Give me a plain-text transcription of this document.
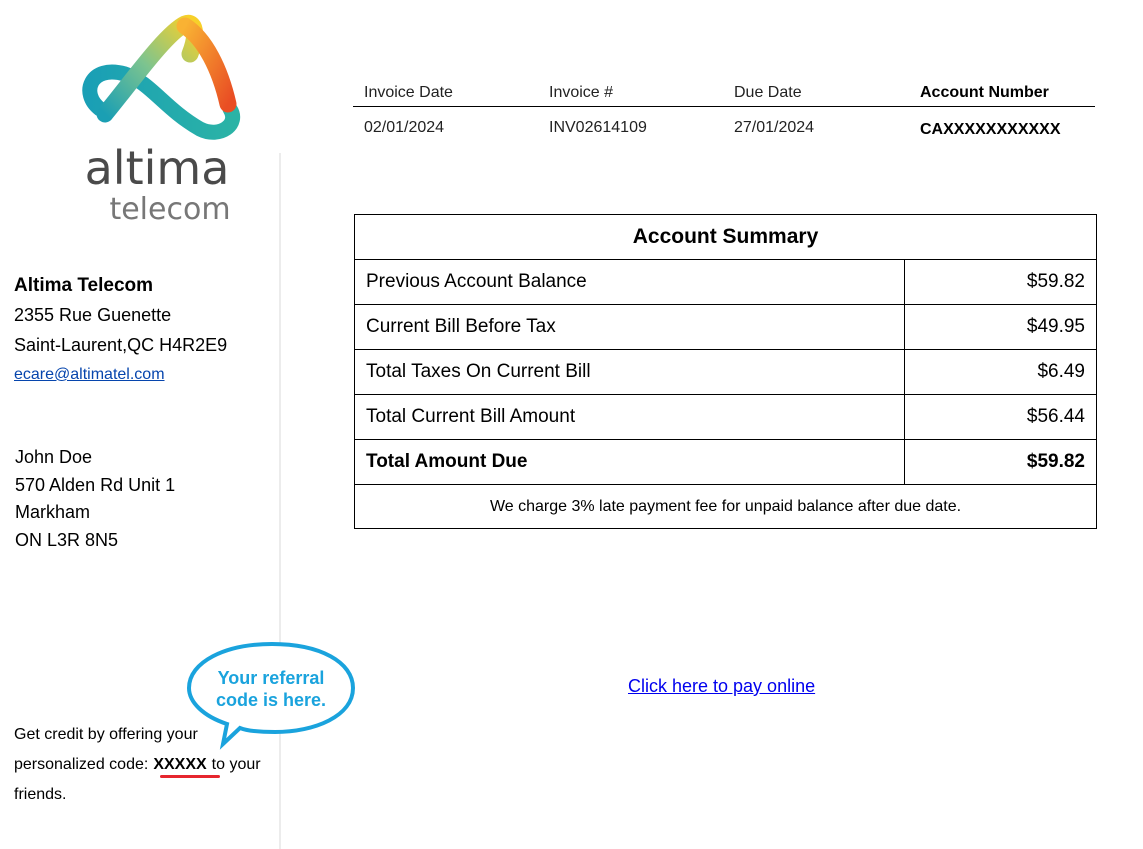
altima
telecom
Altima Telecom
2355 Rue Guenette
Saint-Laurent,QC H4R2E9
ecare@altimatel.com
John Doe
570 Alden Rd Unit 1
Markham
ON L3R 8N5
Your referral
code is here.
Get credit by offering your personalized code: XXXXX to your friends.
Invoice Date	Invoice #	Due Date	Account Number
02/01/2024	INV02614109	27/01/2024	CAXXXXXXXXXXX
Account Summary	
Previous Account Balance	$59.82
Current Bill Before Tax	$49.95
Total Taxes On Current Bill	$6.49
Total Current Bill Amount	$56.44
Total Amount Due	$59.82
We charge 3% late payment fee for unpaid balance after due date.	
Click here to pay online
